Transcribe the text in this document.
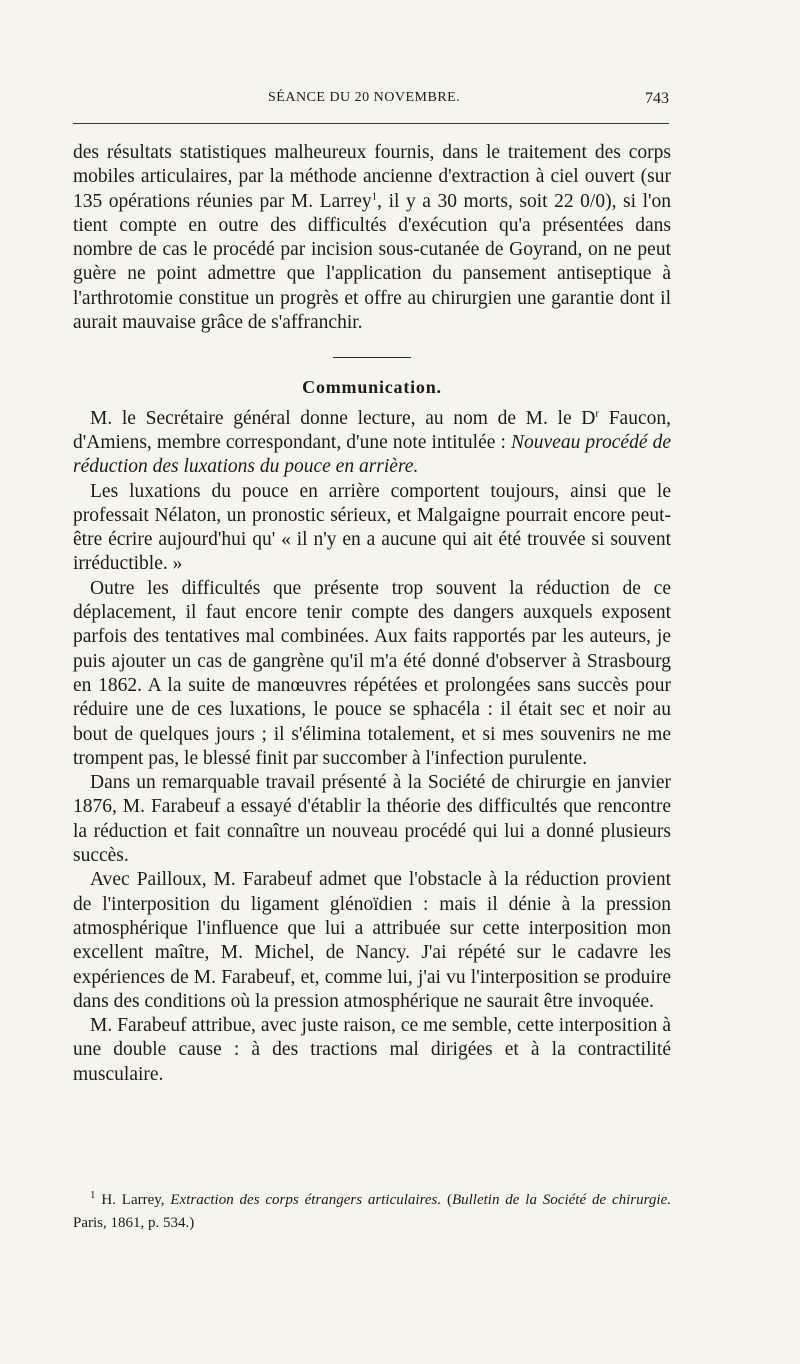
SÉANCE DU 20 NOVEMBRE.	743

des résultats statistiques malheureux fournis, dans le traitement des corps mobiles articulaires, par la méthode ancienne d'extraction à ciel ouvert (sur 135 opérations réunies par M. Larrey$^1$, il y a 30 morts, soit 22 0/0), si l'on tient compte en outre des difficultés d'exécution qu'a présentées dans nombre de cas le procédé par incision sous-cutanée de Goyrand, on ne peut guère ne point admettre que l'application du pansement antiseptique à l'arthrotomie constitue un progrès et offre au chirurgien une garantie dont il aurait mauvaise grâce de s'affranchir.

Communication.

M. le Secrétaire général donne lecture, au nom de M. le $D^r$ Faucon, d'Amiens, membre correspondant, d'une note intitulée : Nouveau procédé de réduction des luxations du pouce en arrière.

Les luxations du pouce en arrière comportent toujours, ainsi que le professait Nélaton, un pronostic sérieux, et Malgaigne pourrait encore peut-être écrire aujourd'hui qu' « il n'y en a aucune qui ait été trouvée si souvent irréductible. »

Outre les difficultés que présente trop souvent la réduction de ce déplacement, il faut encore tenir compte des dangers auxquels exposent parfois des tentatives mal combinées. Aux faits rapportés par les auteurs, je puis ajouter un cas de gangrène qu'il m'a été donné d'observer à Strasbourg en 1862. A la suite de manœuvres répétées et prolongées sans succès pour réduire une de ces luxations, le pouce se sphacéla : il était sec et noir au bout de quelques jours ; il s'élimina totalement, et si mes souvenirs ne me trompent pas, le blessé finit par succomber à l'infection purulente.

Dans un remarquable travail présenté à la Société de chirurgie en janvier 1876, M. Farabeuf a essayé d'établir la théorie des difficultés que rencontre la réduction et fait connaître un nouveau procédé qui lui a donné plusieurs succès.

Avec Pailloux, M. Farabeuf admet que l'obstacle à la réduction provient de l'interposition du ligament glénoïdien : mais il dénie à la pression atmosphérique l'influence que lui a attribuée sur cette interposition mon excellent maître, M. Michel, de Nancy. J'ai répété sur le cadavre les expériences de M. Farabeuf, et, comme lui, j'ai vu l'interposition se produire dans des conditions où la pression atmosphérique ne saurait être invoquée.

M. Farabeuf attribue, avec juste raison, ce me semble, cette interposition à une double cause : à des tractions mal dirigées et à la contractilité musculaire.

$^1$ H. Larrey, Extraction des corps étrangers articulaires. (Bulletin de la Société de chirurgie. Paris, 1861, p. 534.)
